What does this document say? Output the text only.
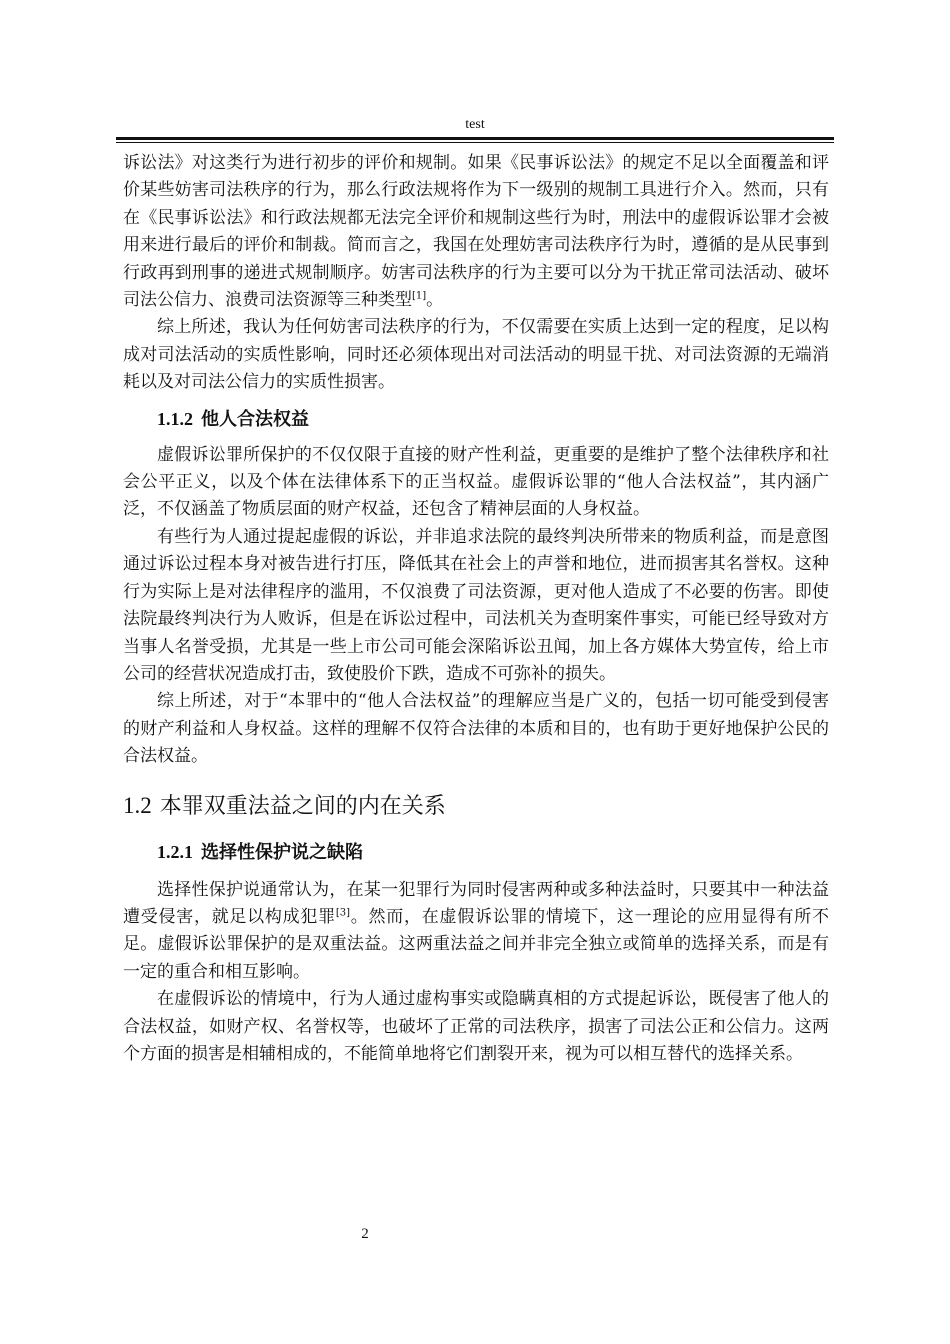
test

诉讼法》对这类行为进行初步的评价和规制。如果《民事诉讼法》的规定不足以全面覆盖和评价某些妨害司法秩序的行为，那么行政法规将作为下一级别的规制工具进行介入。然而，只有在《民事诉讼法》和行政法规都无法完全评价和规制这些行为时，刑法中的虚假诉讼罪才会被用来进行最后的评价和制裁。简而言之，我国在处理妨害司法秩序行为时，遵循的是从民事到行政再到刑事的递进式规制顺序。妨害司法秩序的行为主要可以分为干扰正常司法活动、破坏司法公信力、浪费司法资源等三种类型[1]。

综上所述，我认为任何妨害司法秩序的行为，不仅需要在实质上达到一定的程度，足以构成对司法活动的实质性影响，同时还必须体现出对司法活动的明显干扰、对司法资源的无端消耗以及对司法公信力的实质性损害。

1.1.2 他人合法权益

虚假诉讼罪所保护的不仅仅限于直接的财产性利益，更重要的是维护了整个法律秩序和社会公平正义，以及个体在法律体系下的正当权益。虚假诉讼罪的“他人合法权益”，其内涵广泛，不仅涵盖了物质层面的财产权益，还包含了精神层面的人身权益。

有些行为人通过提起虚假的诉讼，并非追求法院的最终判决所带来的物质利益，而是意图通过诉讼过程本身对被告进行打压，降低其在社会上的声誉和地位，进而损害其名誉权。这种行为实际上是对法律程序的滥用，不仅浪费了司法资源，更对他人造成了不必要的伤害。即使法院最终判决行为人败诉，但是在诉讼过程中，司法机关为查明案件事实，可能已经导致对方当事人名誉受损，尤其是一些上市公司可能会深陷诉讼丑闻，加上各方媒体大势宣传，给上市公司的经营状况造成打击，致使股价下跌，造成不可弥补的损失。

综上所述，对于“本罪中的“他人合法权益”的理解应当是广义的，包括一切可能受到侵害的财产利益和人身权益。这样的理解不仅符合法律的本质和目的，也有助于更好地保护公民的合法权益。

1.2 本罪双重法益之间的内在关系
1.2.1 选择性保护说之缺陷

选择性保护说通常认为，在某一犯罪行为同时侵害两种或多种法益时，只要其中一种法益遭受侵害，就足以构成犯罪[3]。然而，在虚假诉讼罪的情境下，这一理论的应用显得有所不足。虚假诉讼罪保护的是双重法益。这两重法益之间并非完全独立或简单的选择关系，而是有一定的重合和相互影响。

在虚假诉讼的情境中，行为人通过虚构事实或隐瞒真相的方式提起诉讼，既侵害了他人的合法权益，如财产权、名誉权等，也破坏了正常的司法秩序，损害了司法公正和公信力。这两个方面的损害是相辅相成的，不能简单地将它们割裂开来，视为可以相互替代的选择关系。

2
